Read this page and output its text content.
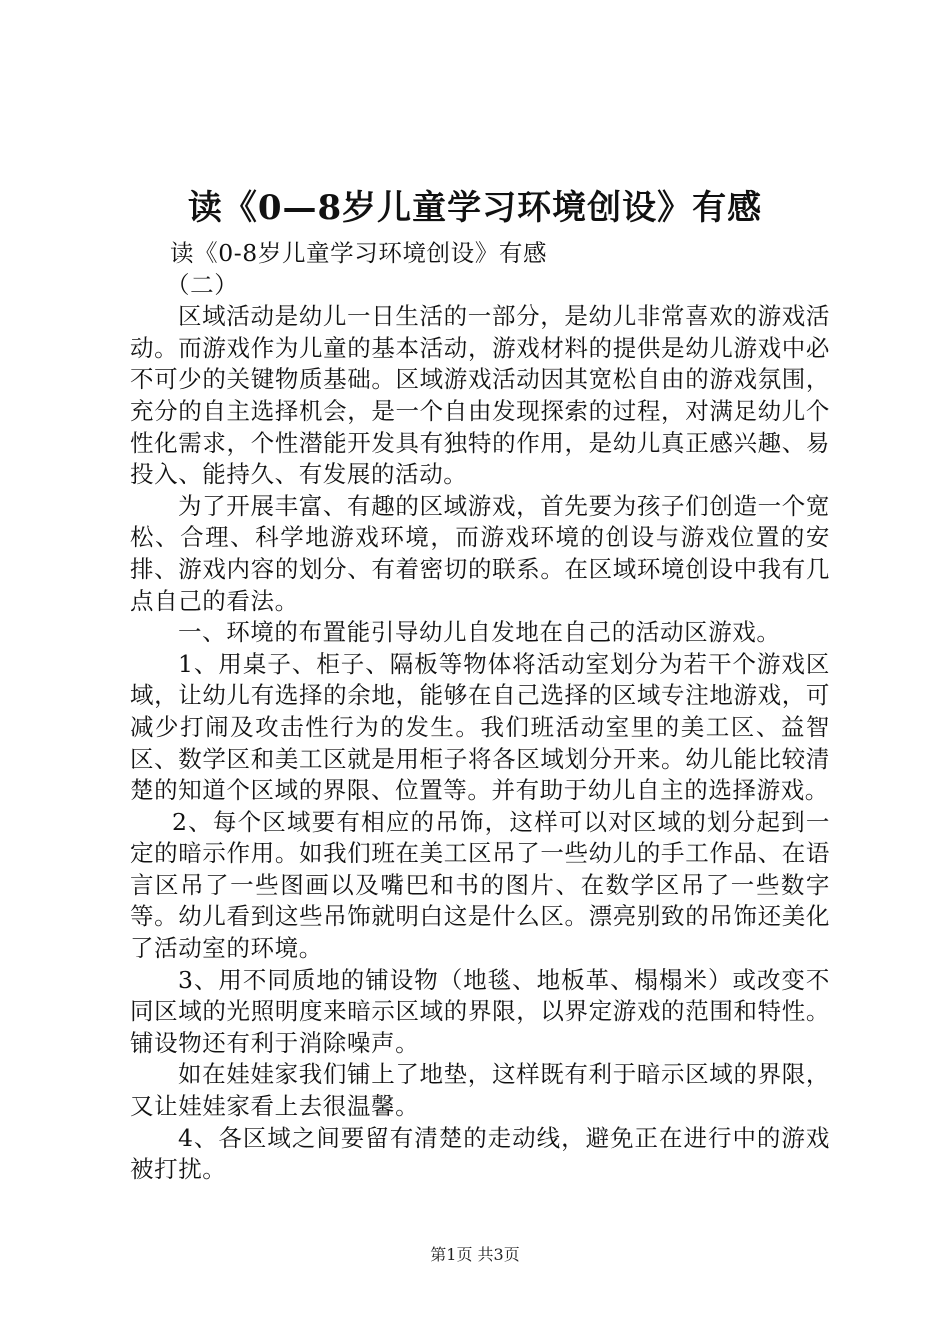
读《0—8岁儿童学习环境创设》有感

读《0-8岁儿童学习环境创设》有感

（二）

区域活动是幼儿一日生活的一部分，是幼儿非常喜欢的游戏活动。而游戏作为儿童的基本活动，游戏材料的提供是幼儿游戏中必不可少的关键物质基础。区域游戏活动因其宽松自由的游戏氛围，充分的自主选择机会，是一个自由发现探索的过程，对满足幼儿个性化需求，个性潜能开发具有独特的作用，是幼儿真正感兴趣、易投入、能持久、有发展的活动。

为了开展丰富、有趣的区域游戏，首先要为孩子们创造一个宽松、合理、科学地游戏环境，而游戏环境的创设与游戏位置的安排、游戏内容的划分、有着密切的联系。在区域环境创设中我有几点自己的看法。

一、环境的布置能引导幼儿自发地在自己的活动区游戏。

1、用桌子、柜子、隔板等物体将活动室划分为若干个游戏区域，让幼儿有选择的余地，能够在自己选择的区域专注地游戏，可减少打闹及攻击性行为的发生。我们班活动室里的美工区、益智区、数学区和美工区就是用柜子将各区域划分开来。幼儿能比较清楚的知道个区域的界限、位置等。并有助于幼儿自主的选择游戏。

2、每个区域要有相应的吊饰，这样可以对区域的划分起到一定的暗示作用。如我们班在美工区吊了一些幼儿的手工作品、在语言区吊了一些图画以及嘴巴和书的图片、在数学区吊了一些数字等。幼儿看到这些吊饰就明白这是什么区。漂亮别致的吊饰还美化了活动室的环境。

3、用不同质地的铺设物（地毯、地板革、榻榻米）或改变不同区域的光照明度来暗示区域的界限，以界定游戏的范围和特性。铺设物还有利于消除噪声。

如在娃娃家我们铺上了地垫，这样既有利于暗示区域的界限，又让娃娃家看上去很温馨。

4、各区域之间要留有清楚的走动线，避免正在进行中的游戏被打扰。

第1页 共3页
